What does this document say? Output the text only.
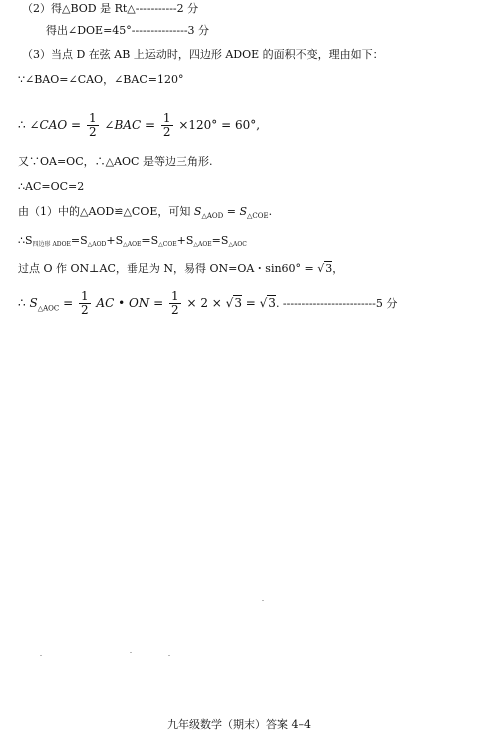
（2）得△BOD 是 Rt△-----------2 分
得出∠DOE=45°---------------3 分
（3）当点 D 在弦 AB 上运动时，四边形 ADOE 的面积不变，理由如下：
∵∠BAO=∠CAO，∠BAC=120°
∴ ∠CAO = $\frac{1}{2}$ ∠BAC = $\frac{1}{2} \times 120^\circ = 60^\circ$,
又∵OA=OC，∴△AOC 是等边三角形.
∴AC=OC=2
由（1）中的△AOD≌△COE，可知 $S_{\triangle AOD} = S_{\triangle COE}$.
∴S四边形 ADOE=S△AOD+S△AOE=S△COE+S△AOE=S△AOC
过点 O 作 ON⊥AC，垂足为 N，易得 ON=OA・sin60° = √3，
∴ $S_{\triangle AOC} = \frac{1}{2}$ AC • ON = $\frac{1}{2} \times 2 \times √3 = √3$. -------------------------5 分
九年级数学（期末）答案 4–4
